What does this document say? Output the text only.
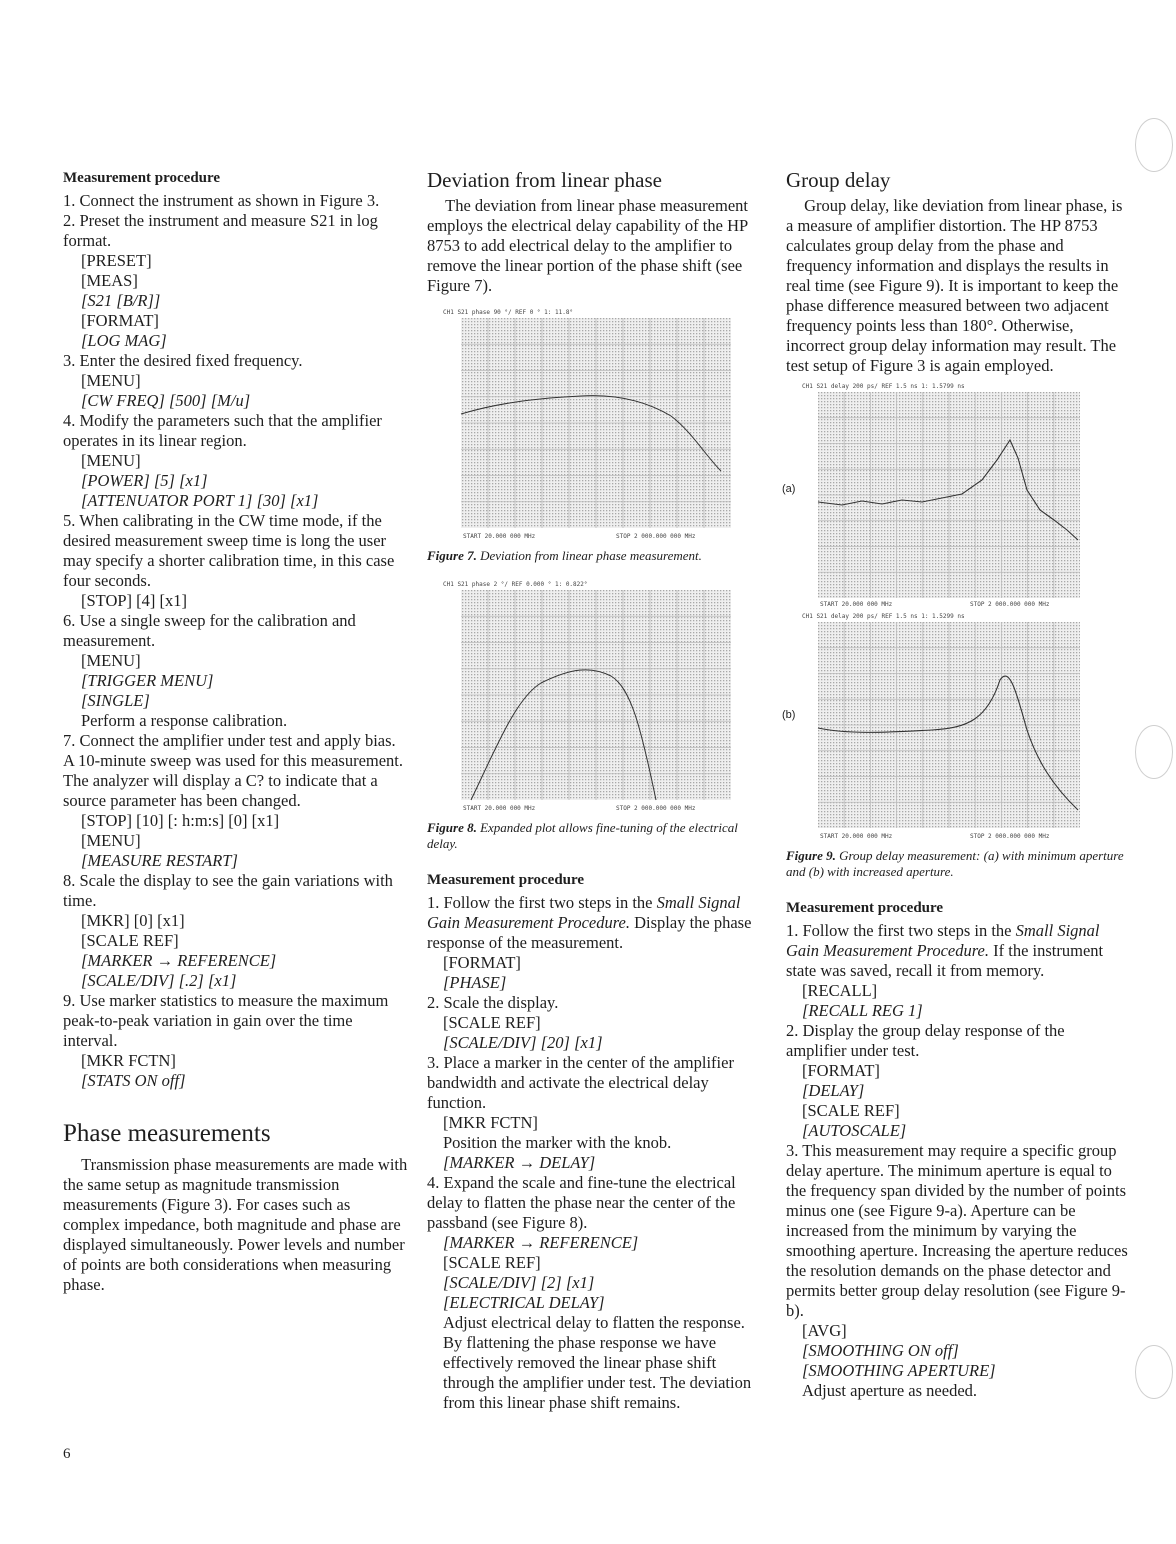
Measurement procedure

1. Connect the instrument as shown in Figure 3.

2. Preset the instrument and measure S21 in log format.

[PRESET]

[MEAS]

[S21 [B/R]]

[FORMAT]

[LOG MAG]

3. Enter the desired fixed frequency.

[MENU]

[CW FREQ] [500] [M/u]

4. Modify the parameters such that the amplifier operates in its linear region.

[MENU]

[POWER] [5] [x1]

[ATTENUATOR PORT 1] [30] [x1]

5. When calibrating in the CW time mode, if the desired measurement sweep time is long the user may specify a shorter calibration time, in this case four seconds.

[STOP] [4] [x1]

6. Use a single sweep for the calibration and measurement.

[MENU]

[TRIGGER MENU]

[SINGLE]

Perform a response calibration.

7. Connect the amplifier under test and apply bias. A 10-minute sweep was used for this measurement. The analyzer will display a C? to indicate that a source parameter has been changed.

[STOP] [10] [: h:m:s] [0] [x1]

[MENU]

[MEASURE RESTART]

8. Scale the display to see the gain variations with time.

[MKR] [0] [x1]

[SCALE REF]

[MARKER → REFERENCE]

[SCALE/DIV] [.2] [x1]

9. Use marker statistics to measure the maximum peak-to-peak variation in gain over the time interval.

[MKR FCTN]

[STATS ON off]

Phase measurements

Transmission phase measurements are made with the same setup as magnitude transmission measurements (Figure 3). For cases such as complex impedance, both magnitude and phase are displayed simultaneously. Power levels and number of points are both considerations when measuring phase.

Deviation from linear phase

The deviation from linear phase measurement employs the electrical delay capability of the HP 8753 to add electrical delay to the amplifier to remove the linear portion of the phase shift (see Figure 7).

CH1 S21 phase 90 °/ REF 0 ° 1: 11.8°
START 20.000 000 MHz	STOP 2 000.000 000 MHz

Figure 7. Deviation from linear phase measurement.

CH1 S21 phase 2 °/ REF 0.000 ° 1: 0.822°
START 20.000 000 MHz	STOP 2 000.000 000 MHz

Figure 8. Expanded plot allows fine-tuning of the electrical delay.

Measurement procedure

1. Follow the first two steps in the Small Signal Gain Measurement Procedure. Display the phase response of the measurement.

[FORMAT]

[PHASE]

2. Scale the display.

[SCALE REF]

[SCALE/DIV] [20] [x1]

3. Place a marker in the center of the amplifier bandwidth and activate the electrical delay function.

[MKR FCTN]

Position the marker with the knob.

[MARKER → DELAY]

4. Expand the scale and fine-tune the electrical delay to flatten the phase near the center of the passband (see Figure 8).

[MARKER → REFERENCE]

[SCALE REF]

[SCALE/DIV] [2] [x1]

[ELECTRICAL DELAY]

Adjust electrical delay to flatten the response. By flattening the phase response we have effectively removed the linear phase shift through the amplifier under test. The deviation from this linear phase shift remains.

Group delay

Group delay, like deviation from linear phase, is a measure of amplifier distortion. The HP 8753 calculates group delay from the phase and frequency information and displays the results in real time (see Figure 9). It is important to keep the phase difference measured between two adjacent frequency points less than 180°. Otherwise, incorrect group delay information may result. The test setup of Figure 3 is again employed.

CH1 S21 delay 200 ps/ REF 1.5 ns 1: 1.5799 ns
(a)
START 20.000 000 MHz	STOP 2 000.000 000 MHz
CH1 S21 delay 200 ps/ REF 1.5 ns 1: 1.5299 ns
(b)
START 20.000 000 MHz	STOP 2 000.000 000 MHz

Figure 9. Group delay measurement: (a) with minimum aperture and (b) with increased aperture.

Measurement procedure

1. Follow the first two steps in the Small Signal Gain Measurement Procedure. If the instrument state was saved, recall it from memory.

[RECALL]

[RECALL REG 1]

2. Display the group delay response of the amplifier under test.

[FORMAT]

[DELAY]

[SCALE REF]

[AUTOSCALE]

3. This measurement may require a specific group delay aperture. The minimum aperture is equal to the frequency span divided by the number of points minus one (see Figure 9-a). Aperture can be increased from the minimum by varying the smoothing aperture. Increasing the aperture reduces the resolution demands on the phase detector and permits better group delay resolution (see Figure 9-b).

[AVG]

[SMOOTHING ON off]

[SMOOTHING APERTURE]

Adjust aperture as needed.

6
